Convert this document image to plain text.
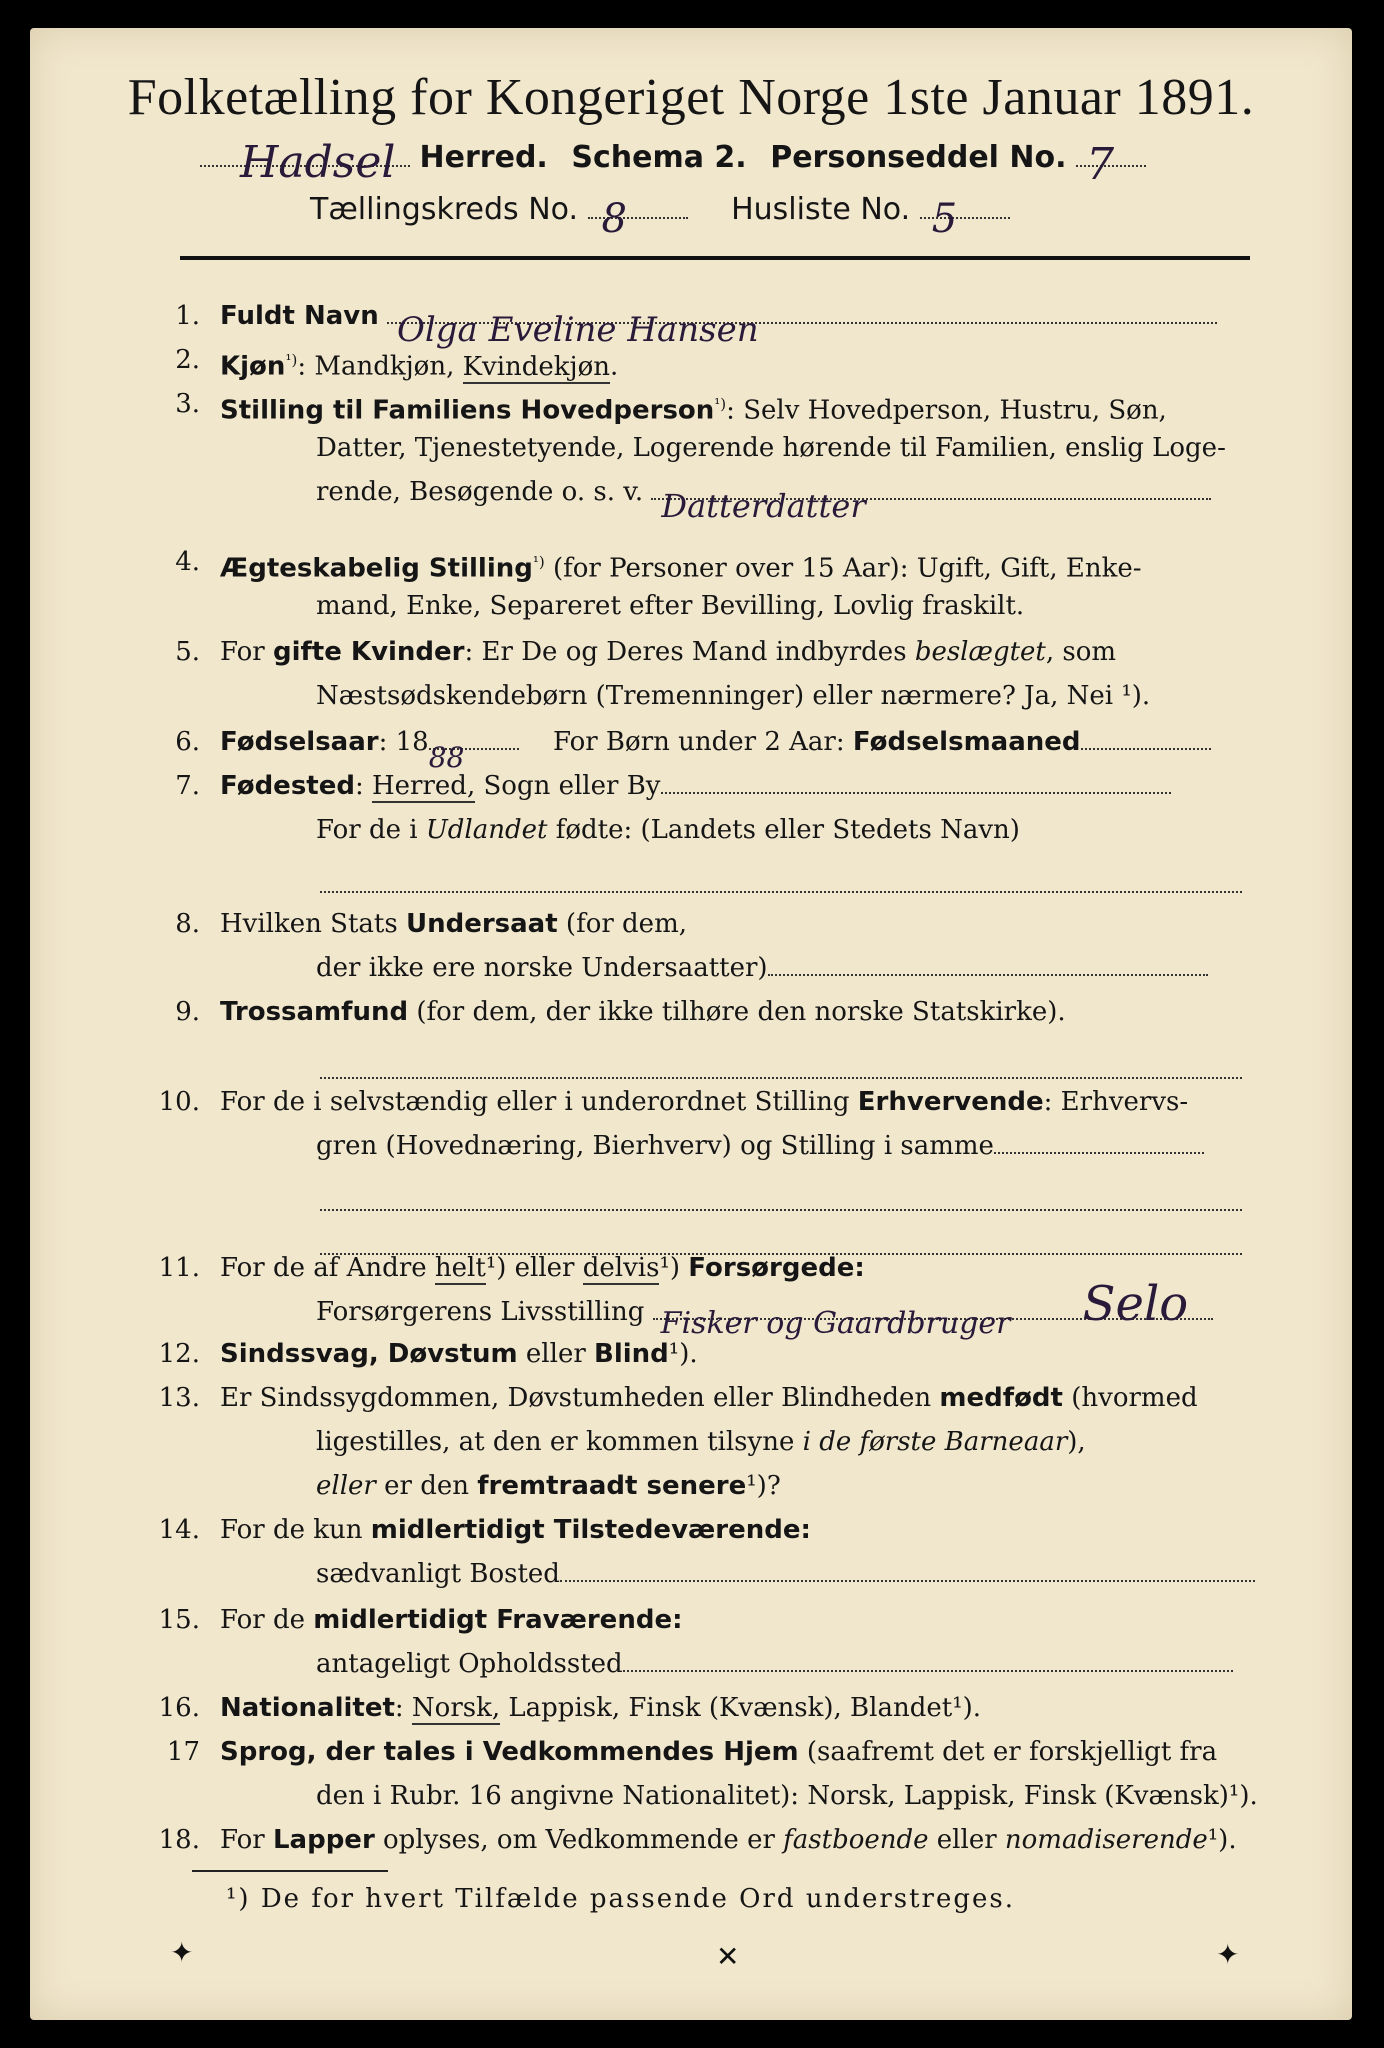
Folketælling for Kongeriget Norge 1ste Januar 1891.
Hadsel Herred. Schema 2. Personseddel No. 7
Tællingskreds No. 8	Husliste No. 5
1. Fuldt Navn Olga Eveline Hansen
2. Kjøn$^{^1)}$: Mandkjøn, Kvindekjøn.
3. Stilling til Familiens Hovedperson$^{^1)}$: Selv Hovedperson, Hustru, Søn,
Datter, Tjenestetyende, Logerende hørende til Familien, enslig Loge-
rende, Besøgende o. s. v. Datterdatter
4. Ægteskabelig Stilling$^{^1)}$ (for Personer over 15 Aar): Ugift, Gift, Enke-
mand, Enke, Separeret efter Bevilling, Lovlig fraskilt.
5. For gifte Kvinder: Er De og Deres Mand indbyrdes beslægtet, som
Næstsødskendebørn (Tremenninger) eller nærmere? Ja, Nei ¹).
6. Fødselsaar: 18 88	For Børn under 2 Aar: Fødselsmaaned
7. Fødested: Herred, Sogn eller By
For de i Udlandet fødte: (Landets eller Stedets Navn)
8. Hvilken Stats Undersaat (for dem,
der ikke ere norske Undersaatter)
9. Trossamfund (for dem, der ikke tilhøre den norske Statskirke).
10. For de i selvstændig eller i underordnet Stilling Erhvervende: Erhvervs-
gren (Hovednæring, Bierhverv) og Stilling i samme
11. For de af Andre helt¹) eller delvis¹) Forsørgede:
Forsørgerens Livsstilling Fisker og Gaardbruger Selo
12. Sindssvag, Døvstum eller Blind¹).
13. Er Sindssygdommen, Døvstumheden eller Blindheden medfødt (hvormed
ligestilles, at den er kommen tilsyne i de første Barneaar),
eller er den fremtraadt senere¹)?
14. For de kun midlertidigt Tilstedeværende:
sædvanligt Bosted
15. For de midlertidigt Fraværende:
antageligt Opholdssted
16. Nationalitet: Norsk, Lappisk, Finsk (Kvænsk), Blandet¹).
17 Sprog, der tales i Vedkommendes Hjem (saafremt det er forskjelligt fra
den i Rubr. 16 angivne Nationalitet): Norsk, Lappisk, Finsk (Kvænsk)¹).
18. For Lapper oplyses, om Vedkommende er fastboende eller nomadiserende¹).
¹) De for hvert Tilfælde passende Ord understreges.
✦	✕	✦
